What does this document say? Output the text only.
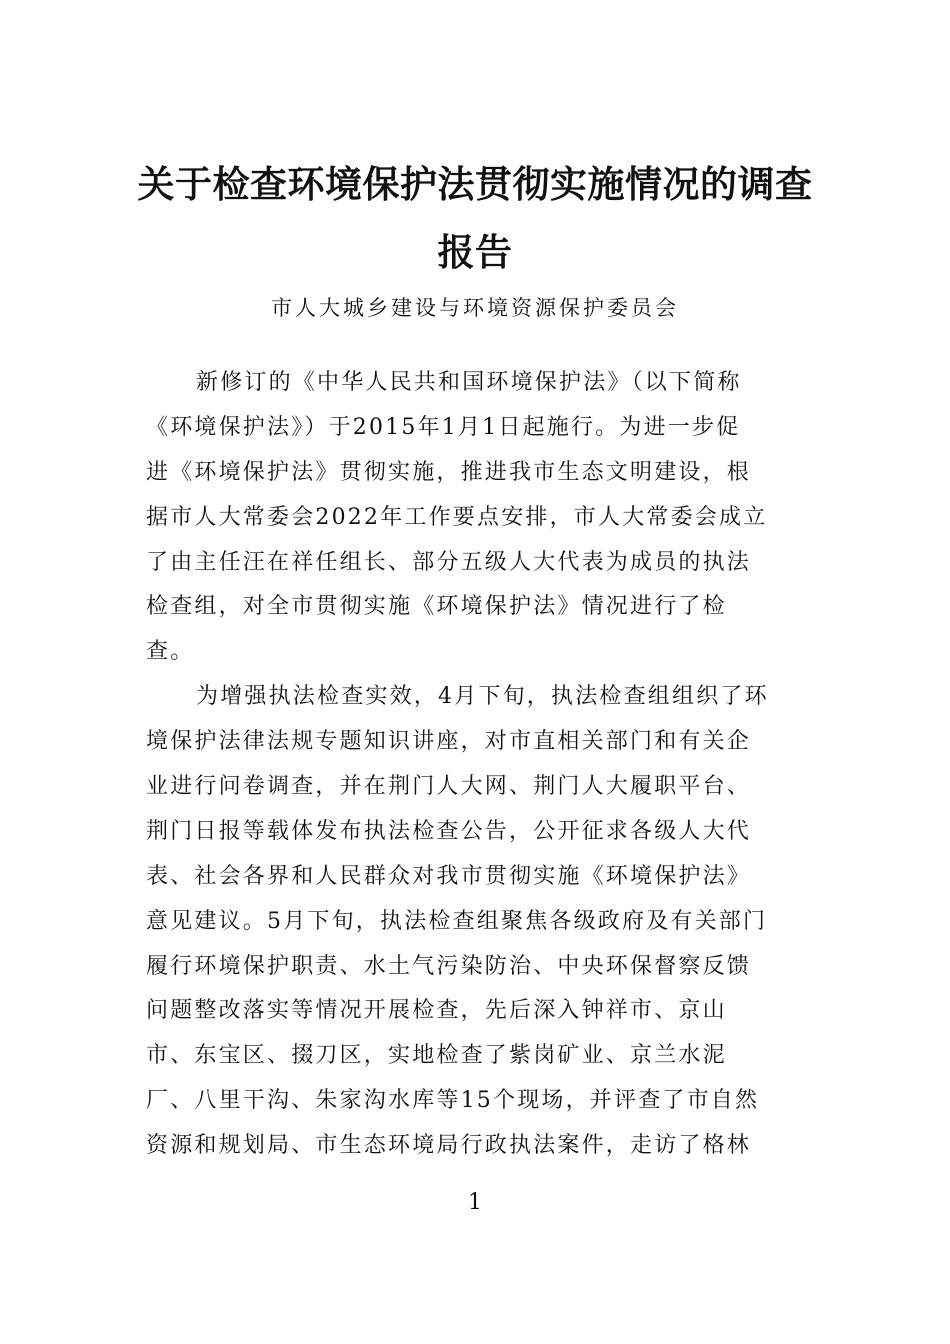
关于检查环境保护法贯彻实施情况的调查
报告
市人大城乡建设与环境资源保护委员会
新修订的《中华人民共和国环境保护法》（以下简称
《环境保护法》）于2015年1月1日起施行。为进一步促
进《环境保护法》贯彻实施，推进我市生态文明建设，根
据市人大常委会2022年工作要点安排，市人大常委会成立
了由主任汪在祥任组长、部分五级人大代表为成员的执法
检查组，对全市贯彻实施《环境保护法》情况进行了检
查。
为增强执法检查实效，4月下旬，执法检查组组织了环
境保护法律法规专题知识讲座，对市直相关部门和有关企
业进行问卷调查，并在荆门人大网、荆门人大履职平台、
荆门日报等载体发布执法检查公告，公开征求各级人大代
表、社会各界和人民群众对我市贯彻实施《环境保护法》
意见建议。5月下旬，执法检查组聚焦各级政府及有关部门
履行环境保护职责、水土气污染防治、中央环保督察反馈
问题整改落实等情况开展检查，先后深入钟祥市、京山
市、东宝区、掇刀区，实地检查了紫岗矿业、京兰水泥
厂、八里干沟、朱家沟水库等15个现场，并评查了市自然
资源和规划局、市生态环境局行政执法案件，走访了格林
1
